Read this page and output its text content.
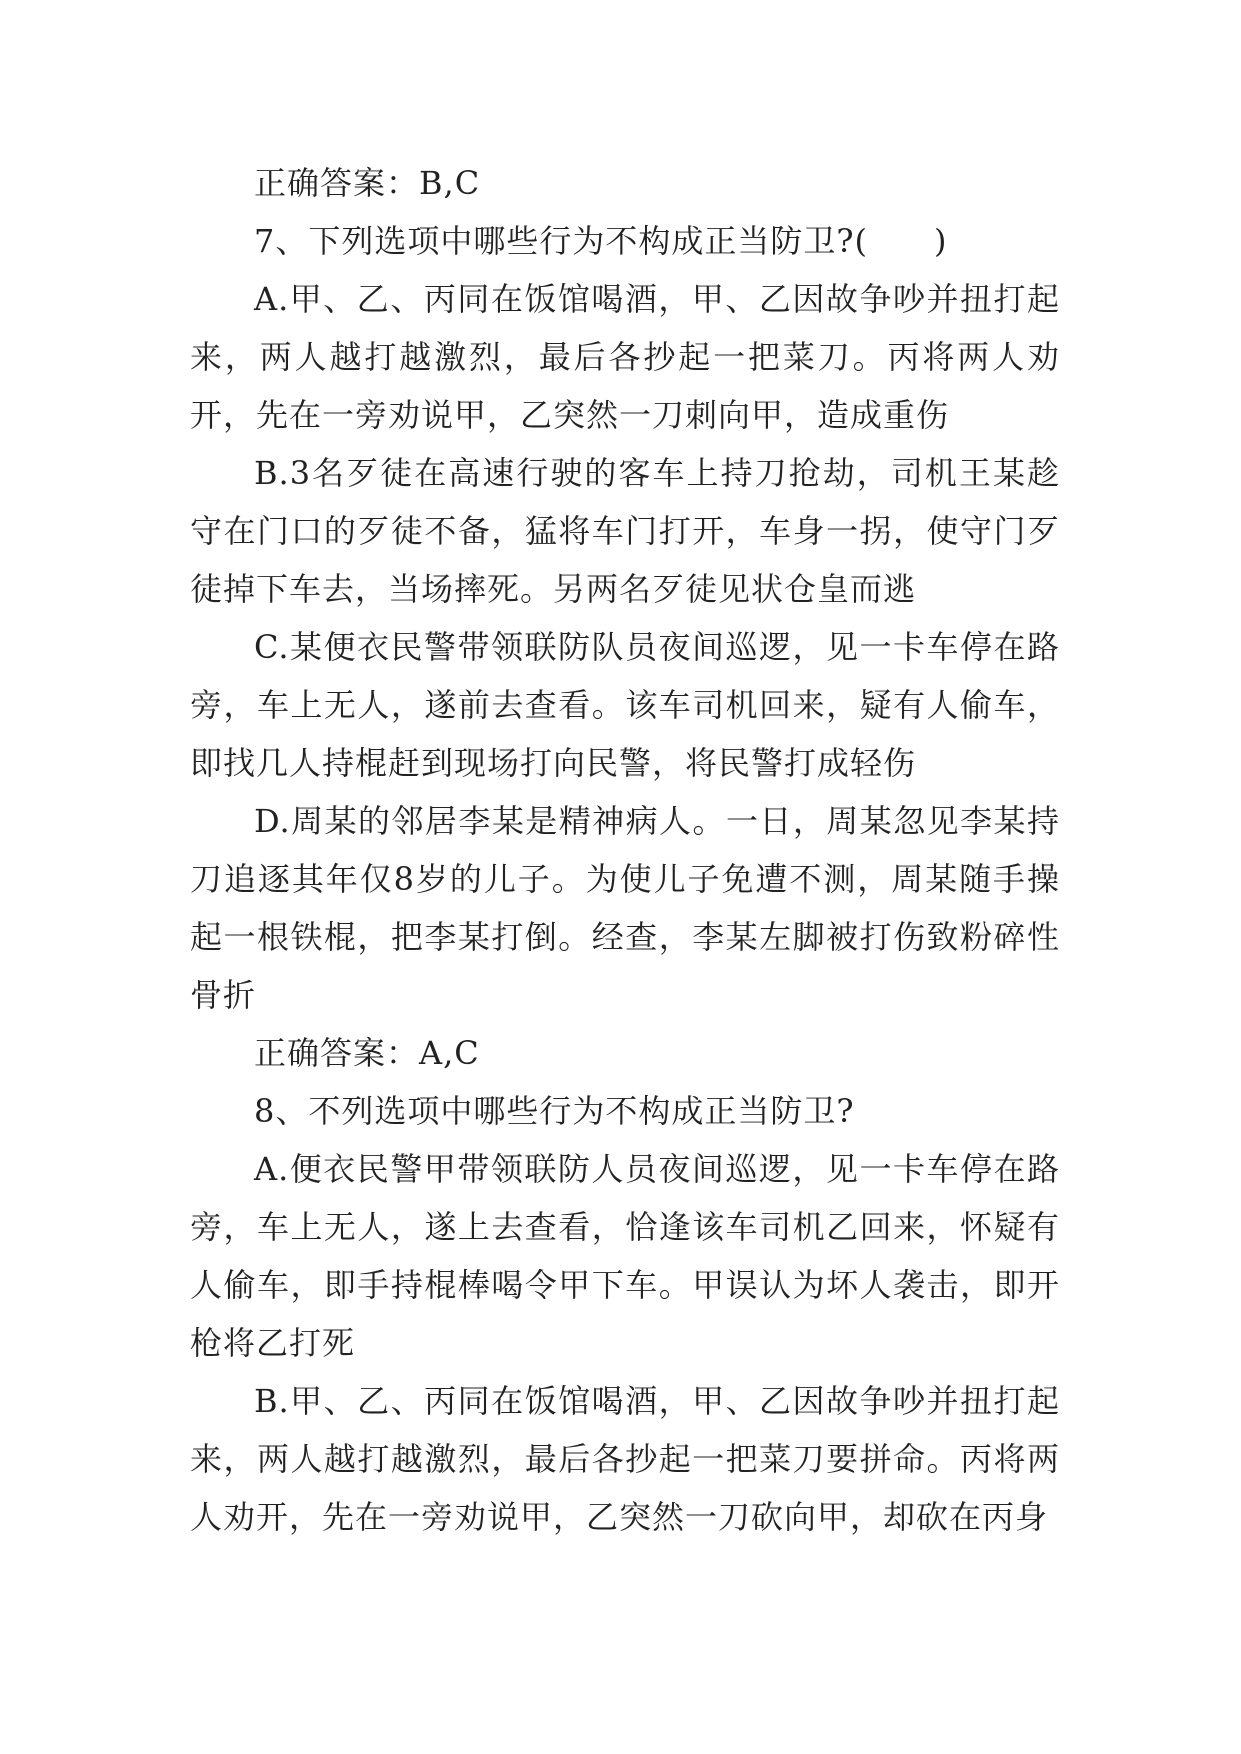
正确答案：B,C

7、下列选项中哪些行为不构成正当防卫?(　　)

A.甲、乙、丙同在饭馆喝酒，甲、乙因故争吵并扭打起来，两人越打越激烈，最后各抄起一把菜刀。丙将两人劝开，先在一旁劝说甲，乙突然一刀刺向甲，造成重伤

B.3名歹徒在高速行驶的客车上持刀抢劫，司机王某趁守在门口的歹徒不备，猛将车门打开，车身一拐，使守门歹徒掉下车去，当场摔死。另两名歹徒见状仓皇而逃

C.某便衣民警带领联防队员夜间巡逻，见一卡车停在路旁，车上无人，遂前去查看。该车司机回来，疑有人偷车，即找几人持棍赶到现场打向民警，将民警打成轻伤

D.周某的邻居李某是精神病人。一日，周某忽见李某持刀追逐其年仅8岁的儿子。为使儿子免遭不测，周某随手操起一根铁棍，把李某打倒。经查，李某左脚被打伤致粉碎性骨折

正确答案：A,C

8、不列选项中哪些行为不构成正当防卫?

A.便衣民警甲带领联防人员夜间巡逻，见一卡车停在路旁，车上无人，遂上去查看，恰逢该车司机乙回来，怀疑有人偷车，即手持棍棒喝令甲下车。甲误认为坏人袭击，即开枪将乙打死

B.甲、乙、丙同在饭馆喝酒，甲、乙因故争吵并扭打起来，两人越打越激烈，最后各抄起一把菜刀要拼命。丙将两人劝开，先在一旁劝说甲，乙突然一刀砍向甲，却砍在丙身
